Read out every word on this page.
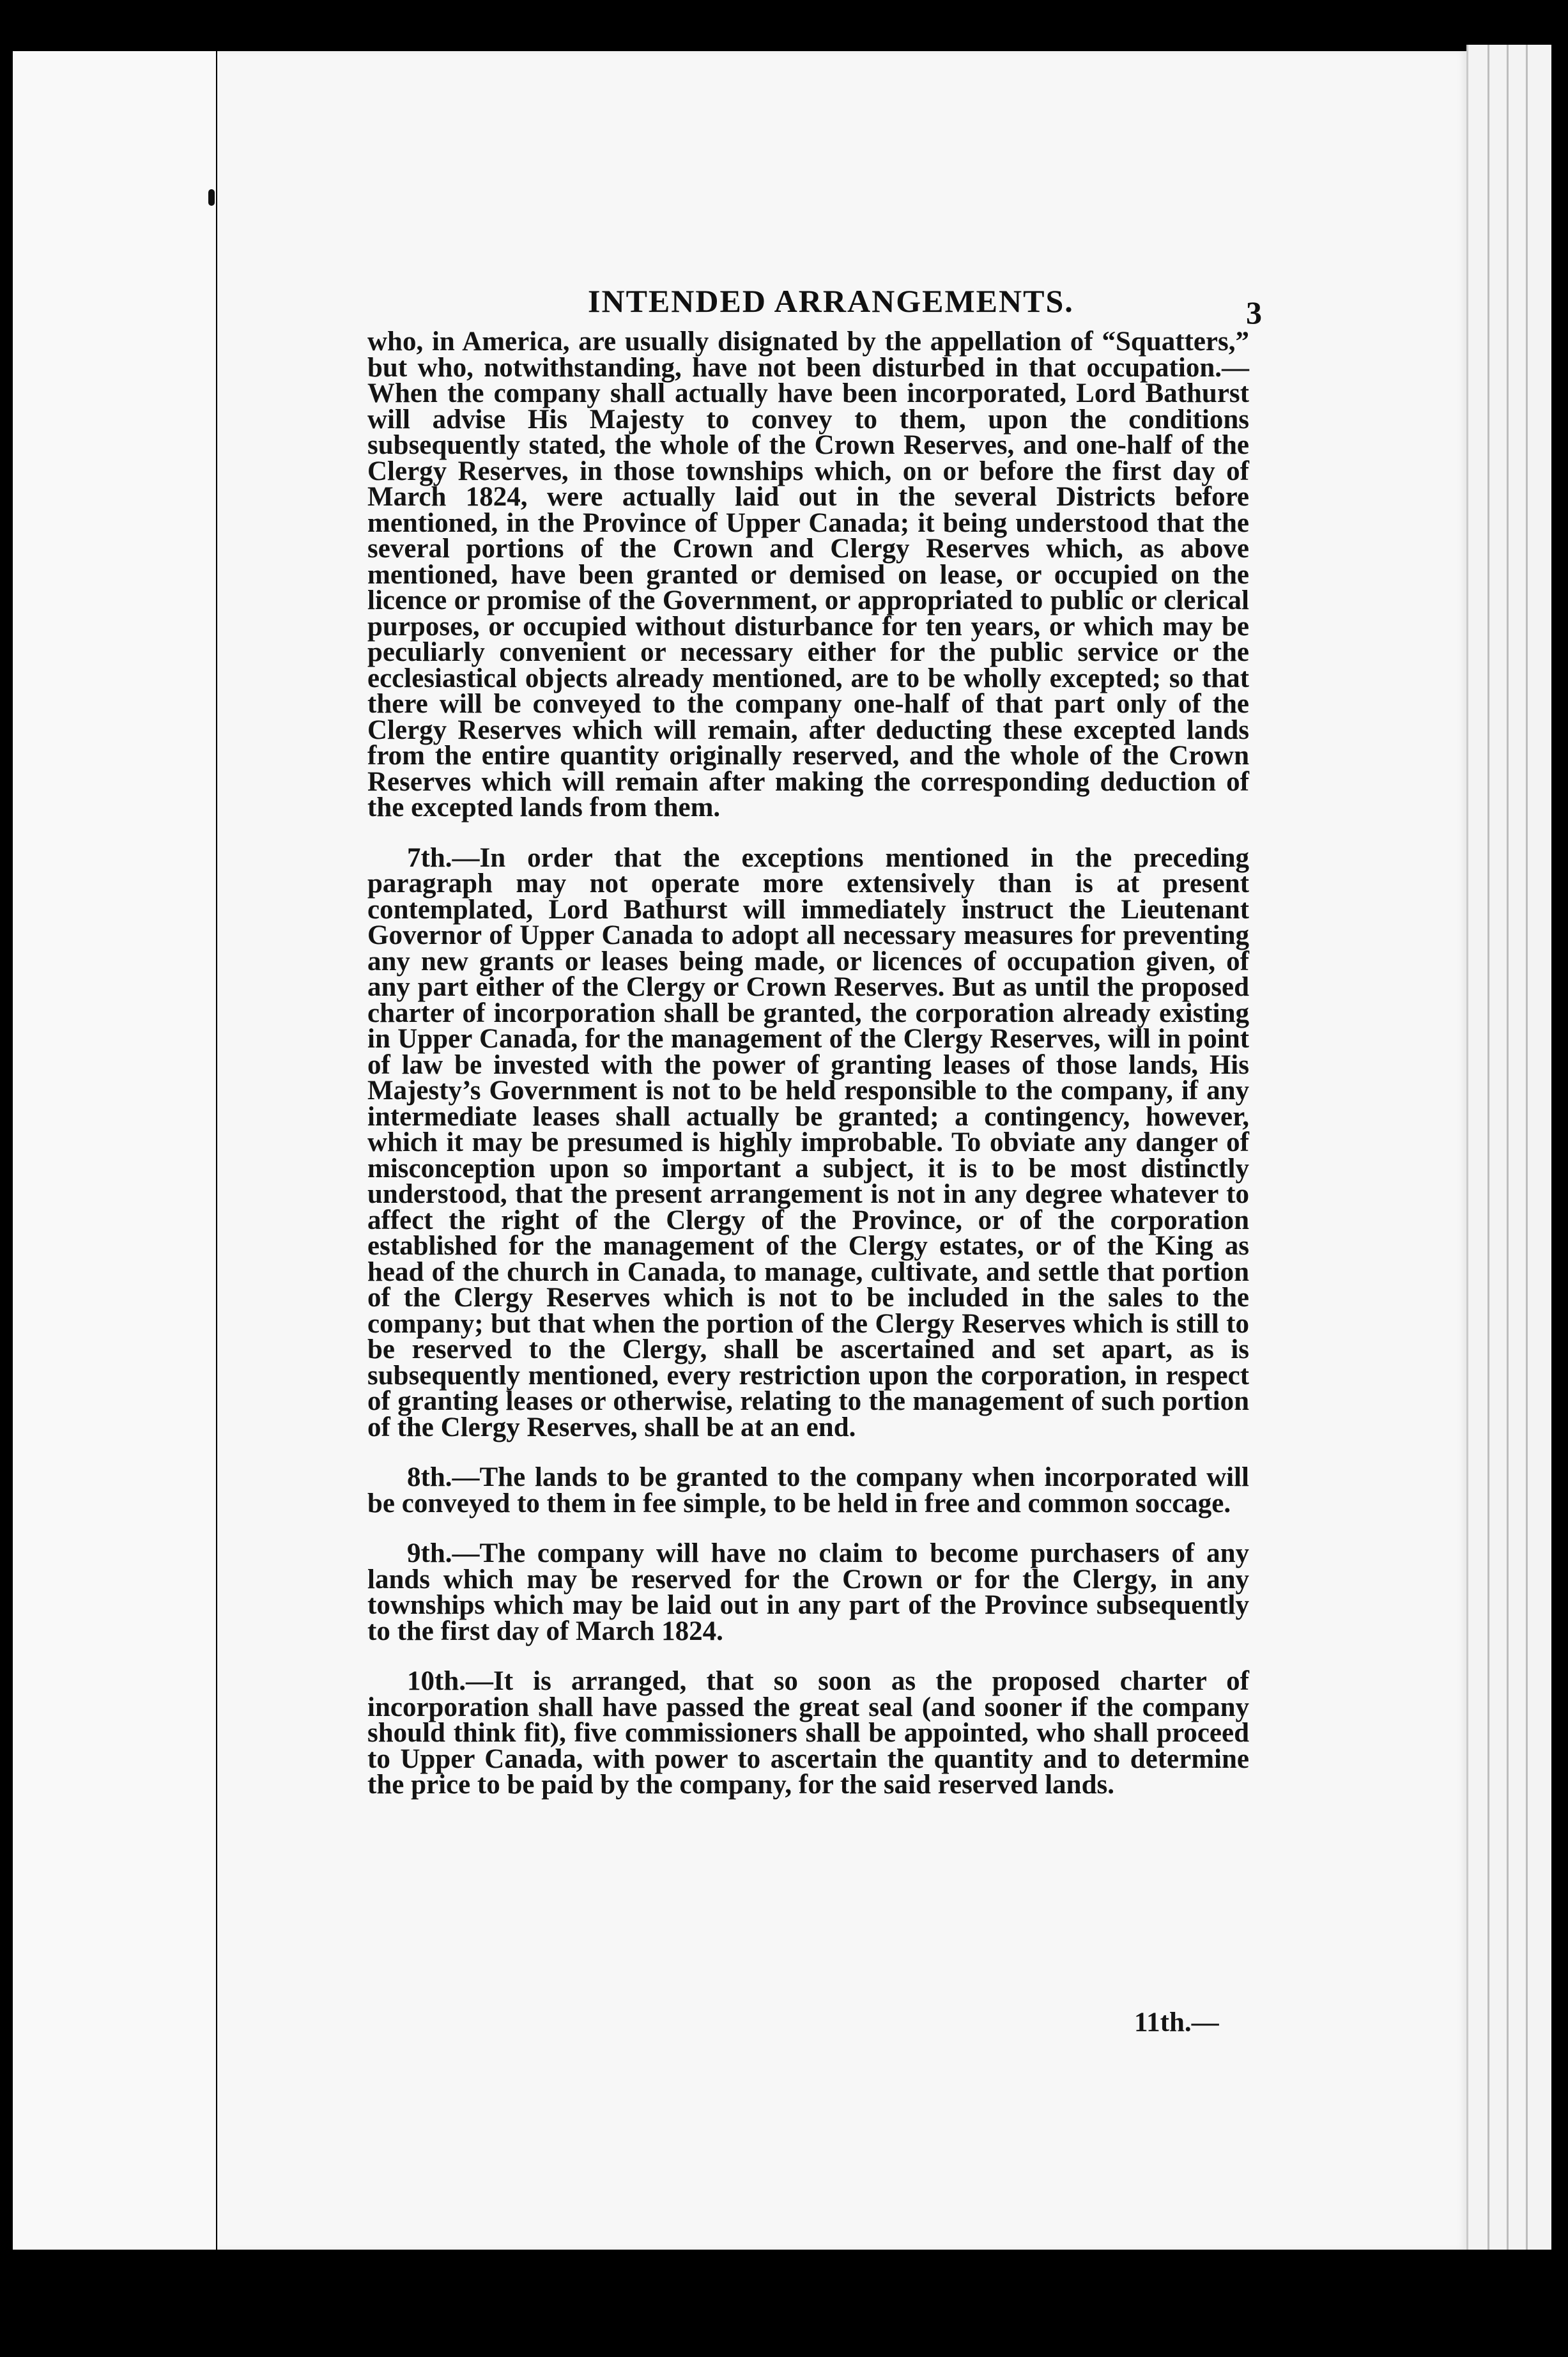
INTENDED ARRANGEMENTS.	3

who, in America, are usually disignated by the appellation of “Squatters,” but who, notwithstanding, have not been disturbed in that occupation.—When the company shall actually have been incorporated, Lord Bathurst will advise His Majesty to convey to them, upon the conditions subsequently stated, the whole of the Crown Reserves, and one-half of the Clergy Reserves, in those townships which, on or before the first day of March 1824, were actually laid out in the several Districts before mentioned, in the Province of Upper Canada; it being understood that the several portions of the Crown and Clergy Reserves which, as above mentioned, have been granted or demised on lease, or occupied on the licence or promise of the Government, or appropriated to public or clerical purposes, or occupied without disturbance for ten years, or which may be peculiarly convenient or necessary either for the public service or the ecclesiastical objects already mentioned, are to be wholly excepted; so that there will be conveyed to the company one-half of that part only of the Clergy Reserves which will remain, after deducting these excepted lands from the entire quantity originally reserved, and the whole of the Crown Reserves which will remain after making the corresponding deduction of the excepted lands from them.

7th.—In order that the exceptions mentioned in the preceding paragraph may not operate more extensively than is at present contemplated, Lord Bathurst will immediately instruct the Lieutenant Governor of Upper Canada to adopt all necessary measures for preventing any new grants or leases being made, or licences of occupation given, of any part either of the Clergy or Crown Reserves. But as until the proposed charter of incorporation shall be granted, the corporation already existing in Upper Canada, for the management of the Clergy Reserves, will in point of law be invested with the power of granting leases of those lands, His Majesty’s Government is not to be held responsible to the company, if any intermediate leases shall actually be granted; a contingency, however, which it may be presumed is highly improbable. To obviate any danger of misconception upon so important a subject, it is to be most distinctly understood, that the present arrangement is not in any degree whatever to affect the right of the Clergy of the Province, or of the corporation established for the management of the Clergy estates, or of the King as head of the church in Canada, to manage, cultivate, and settle that portion of the Clergy Reserves which is not to be included in the sales to the company; but that when the portion of the Clergy Reserves which is still to be reserved to the Clergy, shall be ascertained and set apart, as is subsequently mentioned, every restriction upon the corporation, in respect of granting leases or otherwise, relating to the management of such portion of the Clergy Reserves, shall be at an end.

8th.—The lands to be granted to the company when incorporated will be conveyed to them in fee simple, to be held in free and common soccage.

9th.—The company will have no claim to become purchasers of any lands which may be reserved for the Crown or for the Clergy, in any townships which may be laid out in any part of the Province subsequently to the first day of March 1824.

10th.—It is arranged, that so soon as the proposed charter of incorporation shall have passed the great seal (and sooner if the company should think fit), five commissioners shall be appointed, who shall proceed to Upper Canada, with power to ascertain the quantity and to determine the price to be paid by the company, for the said reserved lands.

11th.—
